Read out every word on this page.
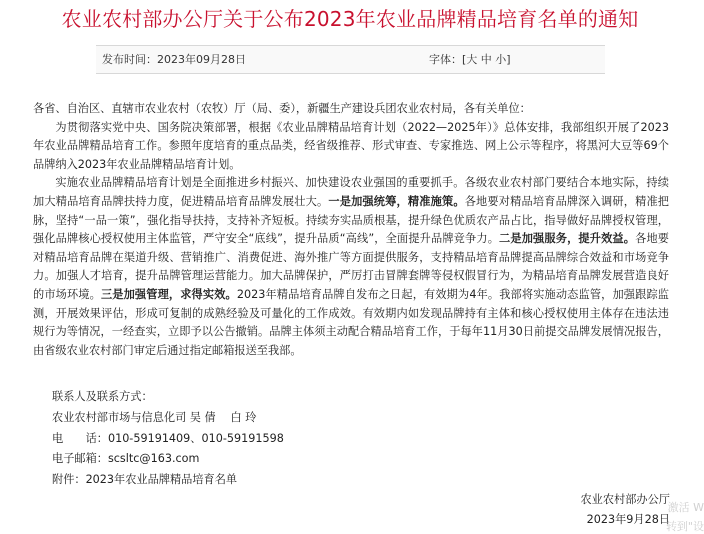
农业农村部办公厅关于公布2023年农业品牌精品培育名单的通知
发布时间：2023年09月28日	字体：[大 中 小]

各省、自治区、直辖市农业农村（农牧）厅（局、委），新疆生产建设兵团农业农村局，各有关单位：

为贯彻落实党中央、国务院决策部署，根据《农业品牌精品培育计划（2022—2025年）》总体安排，我部组织开展了2023年农业品牌精品培育工作。参照年度培育的重点品类，经省级推荐、形式审查、专家推选、网上公示等程序，将黑河大豆等69个品牌纳入2023年农业品牌精品培育计划。

实施农业品牌精品培育计划是全面推进乡村振兴、加快建设农业强国的重要抓手。各级农业农村部门要结合本地实际，持续加大精品培育品牌扶持力度，促进精品培育品牌发展壮大。一是加强统筹，精准施策。各地要对精品培育品牌深入调研，精准把脉，坚持“一品一策”，强化指导扶持，支持补齐短板。持续夯实品质根基，提升绿色优质农产品占比，指导做好品牌授权管理，强化品牌核心授权使用主体监管，严守安全“底线”，提升品质“高线”，全面提升品牌竞争力。二是加强服务，提升效益。各地要对精品培育品牌在渠道升级、营销推广、消费促进、海外推广等方面提供服务，支持精品培育品牌提高品牌综合效益和市场竞争力。加强人才培育，提升品牌管理运营能力。加大品牌保护，严厉打击冒牌套牌等侵权假冒行为，为精品培育品牌发展营造良好的市场环境。三是加强管理，求得实效。2023年精品培育品牌自发布之日起，有效期为4年。我部将实施动态监管，加强跟踪监测，开展效果评估，形成可复制的成熟经验及可量化的工作成效。有效期内如发现品牌持有主体和核心授权使用主体存在违法违规行为等情况，一经查实，立即予以公告撤销。品牌主体须主动配合精品培育工作，于每年11月30日前提交品牌发展情况报告，由省级农业农村部门审定后通过指定邮箱报送至我部。

联系人及联系方式：
农业农村部市场与信息化司 吴 倩　 白 玲
电　　话：010-59191409、010-59191598
电子邮箱：scsltc@163.com
附件：2023年农业品牌精品培育名单
农业农村部办公厅
2023年9月28日
激活 W
转到"设
